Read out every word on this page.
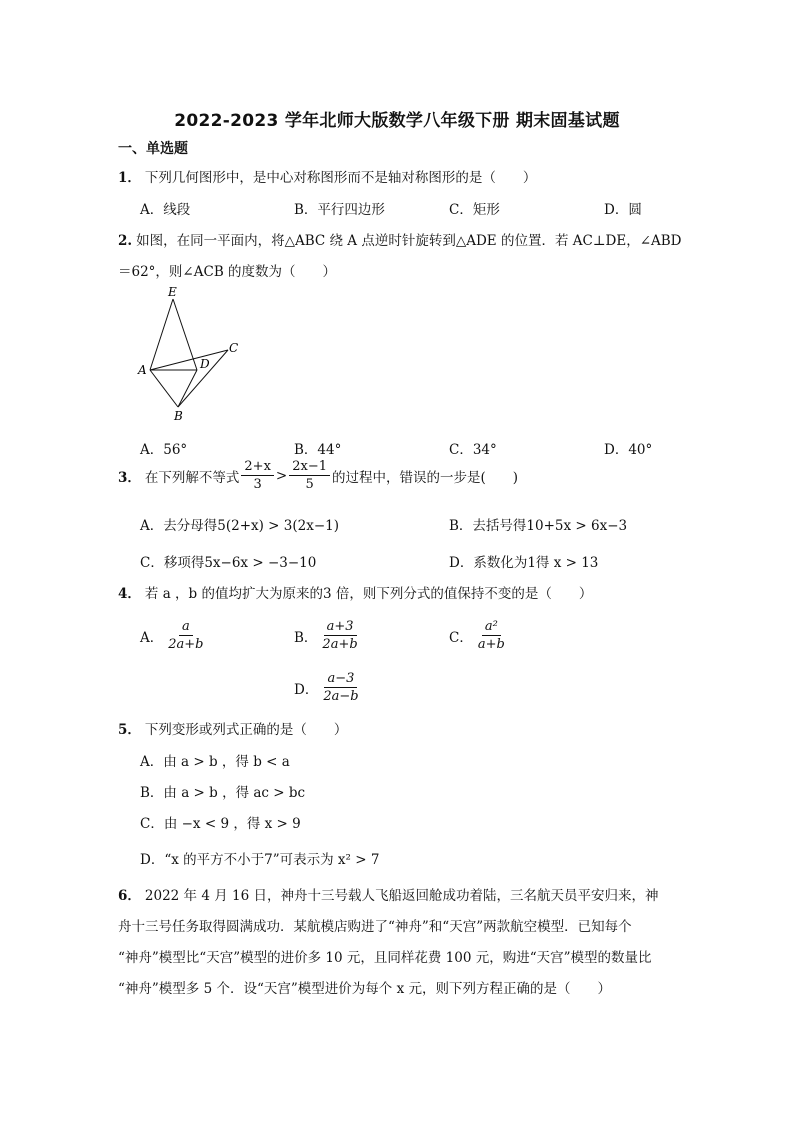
2022-2023 学年北师大版数学八年级下册 期末固基试题
一、单选题
1． 下列几何图形中，是中心对称图形而不是轴对称图形的是（　　）
A．线段	B．平行四边形	C．矩形	D．圆
2. 如图，在同一平面内，将△ABC 绕 A 点逆时针旋转到△ADE 的位置．若 AC⊥DE，∠ABD
＝62°，则∠ACB 的度数为（　　）
E
C
A	D
B
A．56°	B．44°	C．34°	D．40°
3． 在下列解不等式 $\frac{2+x}{3} > \frac{2x-1}{5}$ 的过程中，错误的一步是(　　)
A．去分母得5(2+x) > 3(2x−1)	B．去括号得10+5x > 6x−3
C．移项得5x−6x > −3−10	D．系数化为1得 x > 13
4． 若 a ，b 的值均扩大为原来的3 倍，则下列分式的值保持不变的是（　　）
A． $\frac{a}{2a+b}$	B． $\frac{a+3}{2a+b}$	C． $\frac{\text{a²}}{a+b}$
D． $\frac{a-3}{2a-b}$
5． 下列变形或列式正确的是（　　）
A．由 a > b ，得 b < a
B．由 a > b ，得 ac > bc
C．由 −x < 9 ，得 x > 9
D．“x 的平方不小于7”可表示为 x² > 7
6． 2022 年 4 月 16 日，神舟十三号载人飞船返回舱成功着陆，三名航天员平安归来，神
舟十三号任务取得圆满成功．某航模店购进了“神舟”和“天宫”两款航空模型．已知每个
“神舟”模型比“天宫”模型的进价多 10 元，且同样花费 100 元，购进“天宫”模型的数量比
“神舟”模型多 5 个．设“天宫”模型进价为每个 x 元，则下列方程正确的是（　　）
